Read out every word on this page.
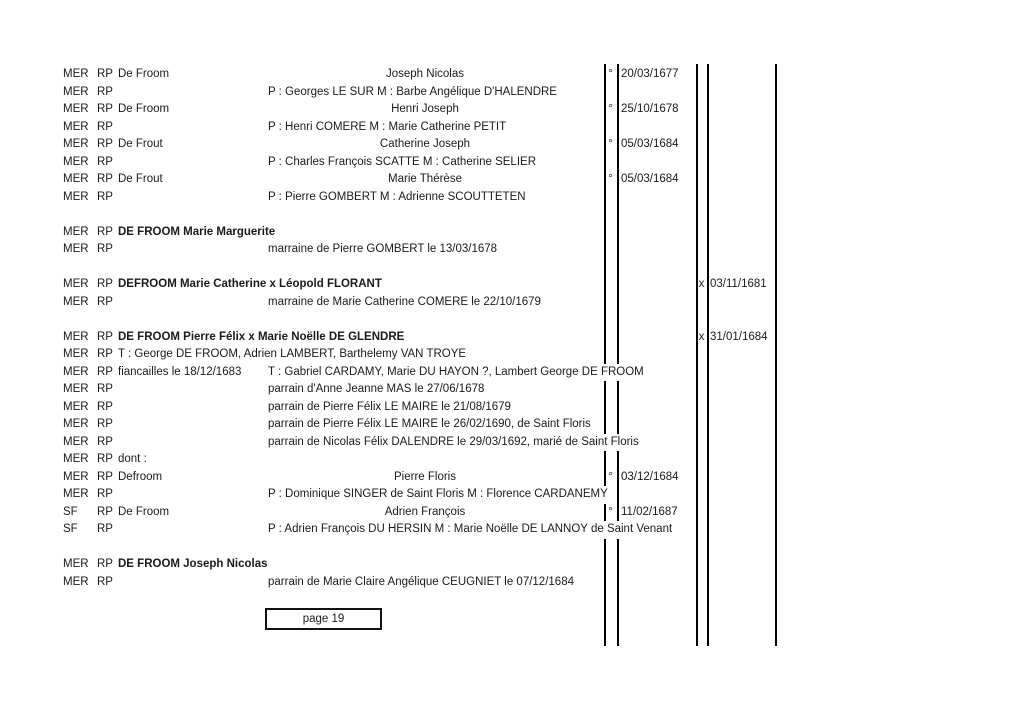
MER RP De Froom	Joseph Nicolas	° 20/03/1677
MER RP	P : Georges LE SUR M : Barbe Angélique D'HALENDRE
MER RP De Froom	Henri Joseph	° 25/10/1678
MER RP	P : Henri COMERE M : Marie Catherine PETIT
MER RP De Frout	Catherine Joseph	° 05/03/1684
MER RP	P : Charles François SCATTE M : Catherine SELIER
MER RP De Frout	Marie Thérèse	° 05/03/1684
MER RP	P : Pierre GOMBERT M : Adrienne SCOUTTETEN
MER RP DE FROOM Marie Marguerite
MER RP	marraine de Pierre GOMBERT le 13/03/1678
MER RP DEFROOM Marie Catherine x Léopold FLORANT	x 03/11/1681
MER RP	marraine de Marie Catherine COMERE le 22/10/1679
MER RP DE FROOM Pierre Félix x Marie Noëlle DE GLENDRE	x 31/01/1684
MER RP T : George DE FROOM, Adrien LAMBERT, Barthelemy VAN TROYE
MER RP fiancailles le 18/12/1683 T : Gabriel CARDAMY, Marie DU HAYON ?, Lambert George DE FROOM
MER RP	parrain d'Anne Jeanne MAS le 27/06/1678
MER RP	parrain de Pierre Félix LE MAIRE le 21/08/1679
MER RP	parrain de Pierre Félix LE MAIRE le 26/02/1690, de Saint Floris
MER RP	parrain de Nicolas Félix DALENDRE le 29/03/1692, marié de Saint Floris
MER RP dont :
MER RP Defroom	Pierre Floris	° 03/12/1684
MER RP	P : Dominique SINGER de Saint Floris M : Florence CARDANEMY
SF RP De Froom	Adrien François	° 11/02/1687
SF RP	P : Adrien François DU HERSIN M : Marie Noëlle DE LANNOY de Saint Venant
MER RP DE FROOM Joseph Nicolas
MER RP	parrain de Marie Claire Angélique CEUGNIET le 07/12/1684
page 19
